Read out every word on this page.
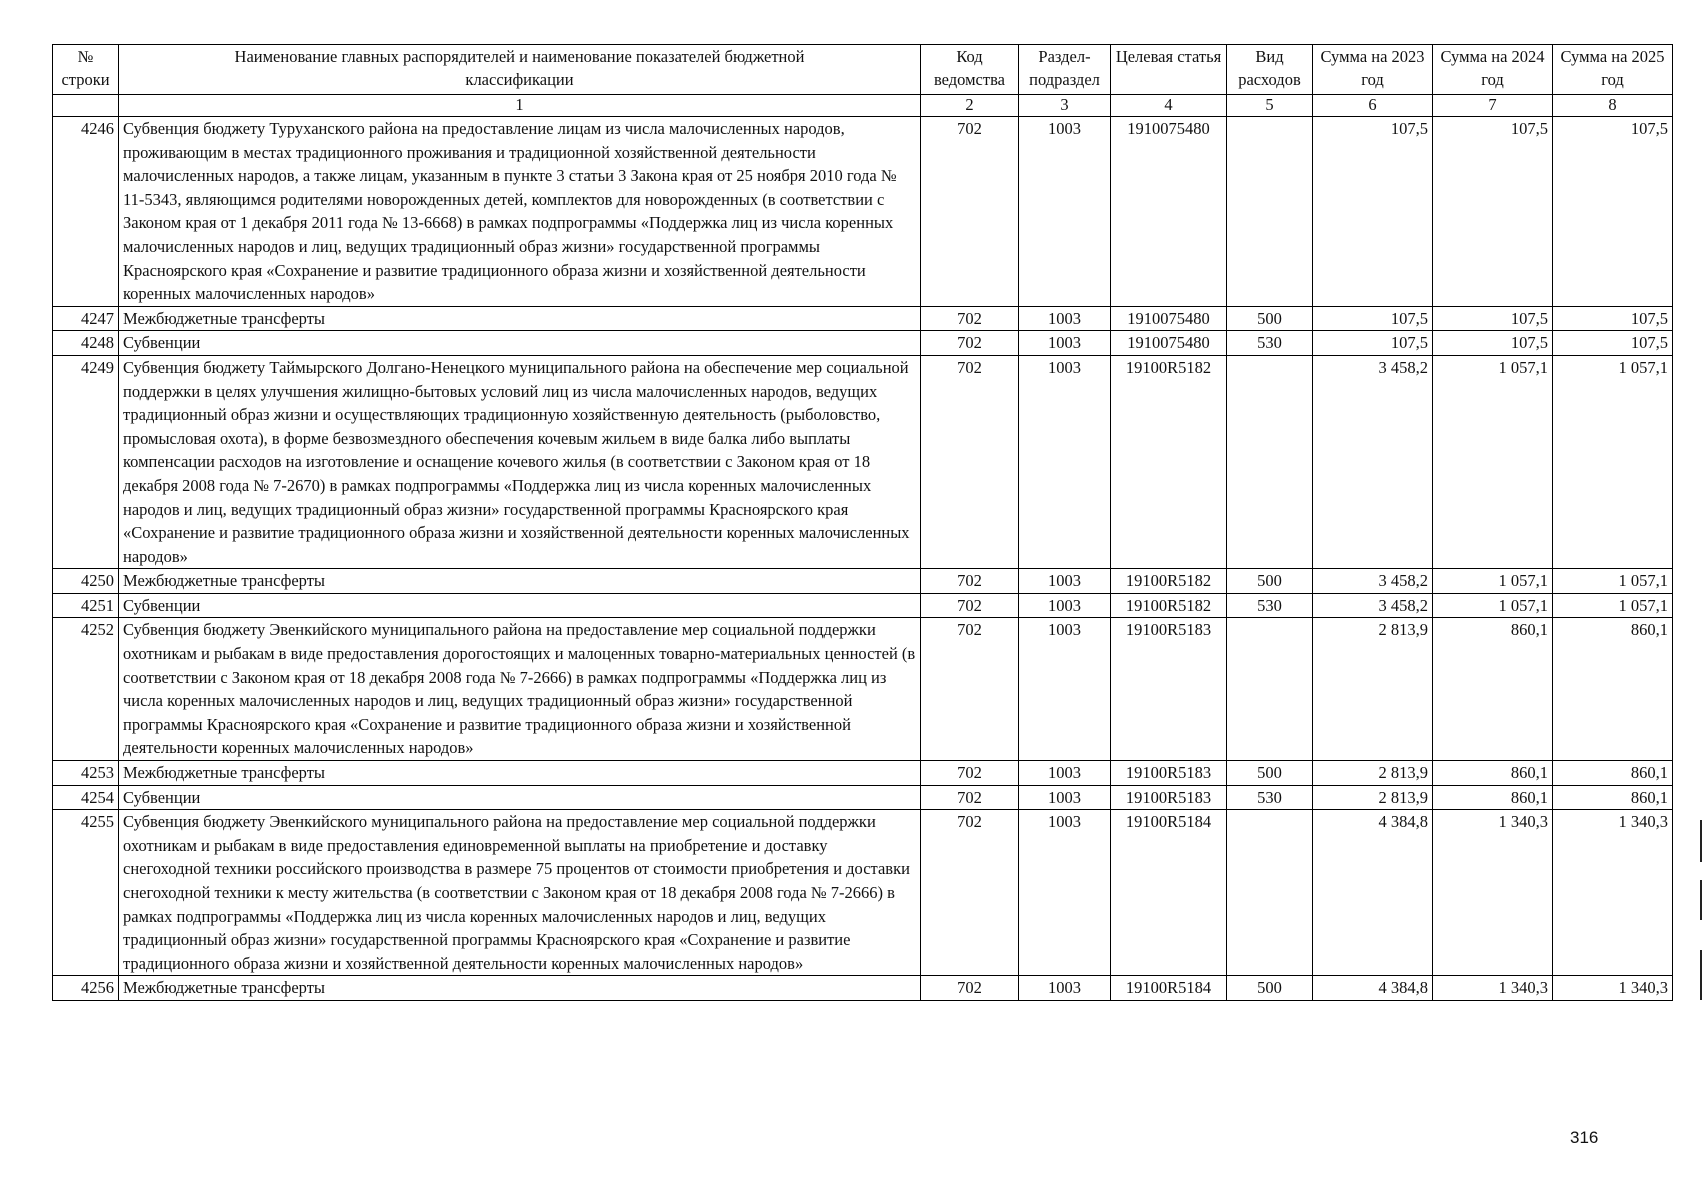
№ строки	Наименование главных распорядителей и наименование показателей бюджетной классификации	Код ведомства	Раздел-подраздел	Целевая статья	Вид расходов	Сумма на 2023 год	Сумма на 2024 год	Сумма на 2025 год
	1	2	3	4	5	6	7	8
4246	Субвенция бюджету Туруханского района на предоставление лицам из числа малочисленных народов, проживающим в местах традиционного проживания и традиционной хозяйственной деятельности малочисленных народов, а также лицам, указанным в пункте 3 статьи 3 Закона края от 25 ноября 2010 года № 11-5343, являющимся родителями новорожденных детей, комплектов для новорожденных (в соответствии с Законом края от 1 декабря 2011 года № 13-6668) в рамках подпрограммы «Поддержка лиц из числа коренных малочисленных народов и лиц, ведущих традиционный образ жизни» государственной программы Красноярского края «Сохранение и развитие традиционного образа жизни и хозяйственной деятельности коренных малочисленных народов»	702	1003	1910075480		107,5	107,5	107,5
4247	Межбюджетные трансферты	702	1003	1910075480	500	107,5	107,5	107,5
4248	Субвенции	702	1003	1910075480	530	107,5	107,5	107,5
4249	Субвенция бюджету Таймырского Долгано-Ненецкого муниципального района на обеспечение мер социальной поддержки в целях улучшения жилищно-бытовых условий лиц из числа малочисленных народов, ведущих традиционный образ жизни и осуществляющих традиционную хозяйственную деятельность (рыболовство, промысловая охота), в форме безвозмездного обеспечения кочевым жильем в виде балка либо выплаты компенсации расходов на изготовление и оснащение кочевого жилья (в соответствии с Законом края от 18 декабря 2008 года № 7-2670) в рамках подпрограммы «Поддержка лиц из числа коренных малочисленных народов и лиц, ведущих традиционный образ жизни» государственной программы Красноярского края «Сохранение и развитие традиционного образа жизни и хозяйственной деятельности коренных малочисленных народов»	702	1003	19100R5182		3 458,2	1 057,1	1 057,1
4250	Межбюджетные трансферты	702	1003	19100R5182	500	3 458,2	1 057,1	1 057,1
4251	Субвенции	702	1003	19100R5182	530	3 458,2	1 057,1	1 057,1
4252	Субвенция бюджету Эвенкийского муниципального района на предоставление мер социальной поддержки охотникам и рыбакам в виде предоставления дорогостоящих и малоценных товарно-материальных ценностей (в соответствии с Законом края от 18 декабря 2008 года № 7-2666) в рамках подпрограммы «Поддержка лиц из числа коренных малочисленных народов и лиц, ведущих традиционный образ жизни» государственной программы Красноярского края «Сохранение и развитие традиционного образа жизни и хозяйственной деятельности коренных малочисленных народов»	702	1003	19100R5183		2 813,9	860,1	860,1
4253	Межбюджетные трансферты	702	1003	19100R5183	500	2 813,9	860,1	860,1
4254	Субвенции	702	1003	19100R5183	530	2 813,9	860,1	860,1
4255	Субвенция бюджету Эвенкийского муниципального района на предоставление мер социальной поддержки охотникам и рыбакам в виде предоставления единовременной выплаты на приобретение и доставку снегоходной техники российского производства в размере 75 процентов от стоимости приобретения и доставки снегоходной техники к месту жительства (в соответствии с Законом края от 18 декабря 2008 года № 7-2666) в рамках подпрограммы «Поддержка лиц из числа коренных малочисленных народов и лиц, ведущих традиционный образ жизни» государственной программы Красноярского края «Сохранение и развитие традиционного образа жизни и хозяйственной деятельности коренных малочисленных народов»	702	1003	19100R5184		4 384,8	1 340,3	1 340,3
4256	Межбюджетные трансферты	702	1003	19100R5184	500	4 384,8	1 340,3	1 340,3
316
